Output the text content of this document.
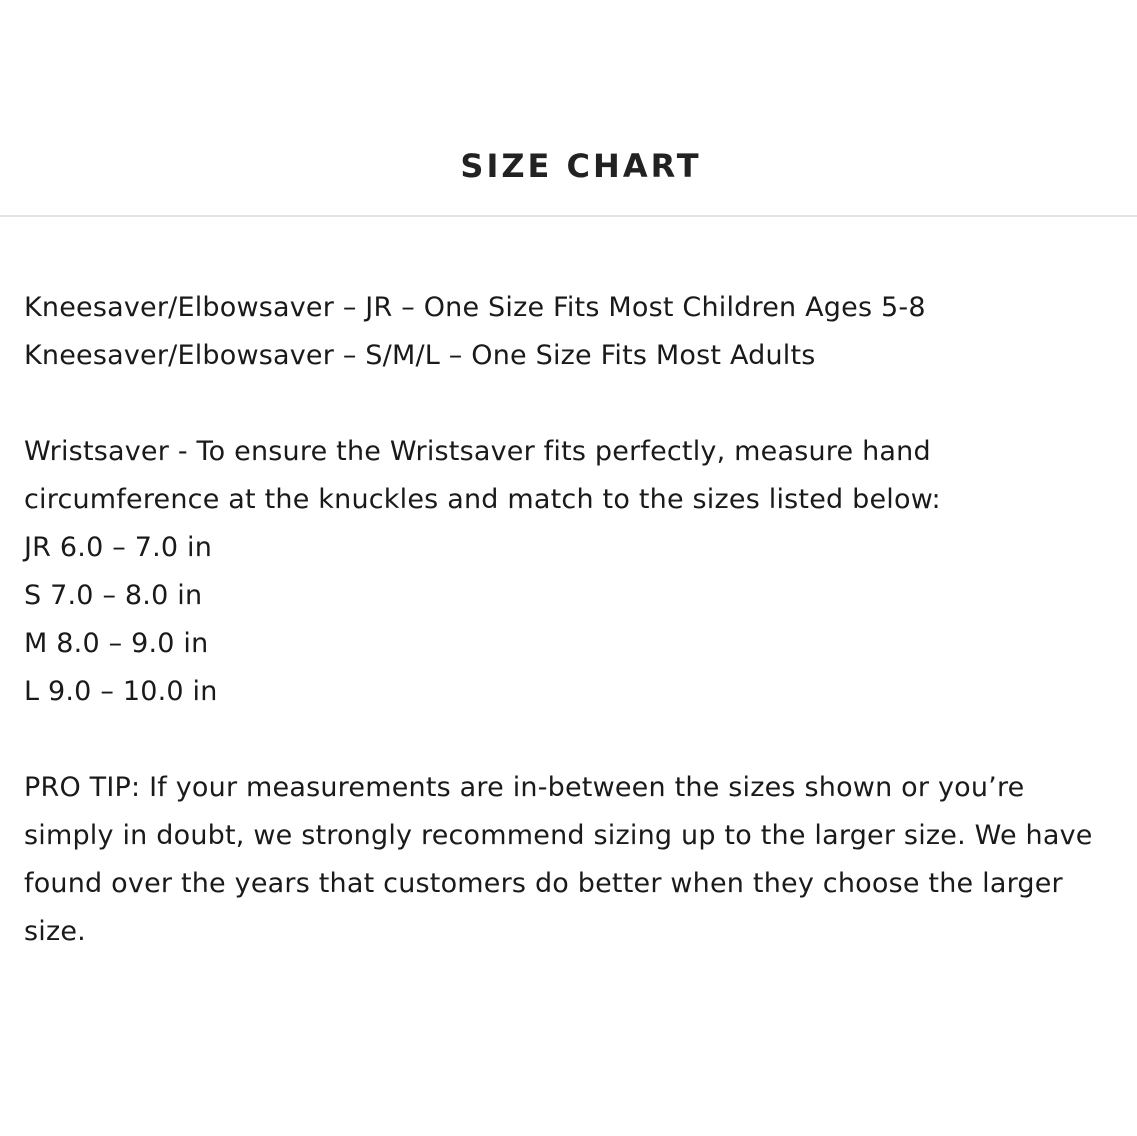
SIZE CHART

Kneesaver/Elbowsaver – JR – One Size Fits Most Children Ages 5-8

Kneesaver/Elbowsaver – S/M/L – One Size Fits Most Adults

Wristsaver - To ensure the Wristsaver fits perfectly, measure hand

circumference at the knuckles and match to the sizes listed below:

JR 6.0 – 7.0 in

S 7.0 – 8.0 in

M 8.0 – 9.0 in

L 9.0 – 10.0 in

PRO TIP: If your measurements are in-between the sizes shown or you’re

simply in doubt, we strongly recommend sizing up to the larger size. We have

found over the years that customers do better when they choose the larger

size.
